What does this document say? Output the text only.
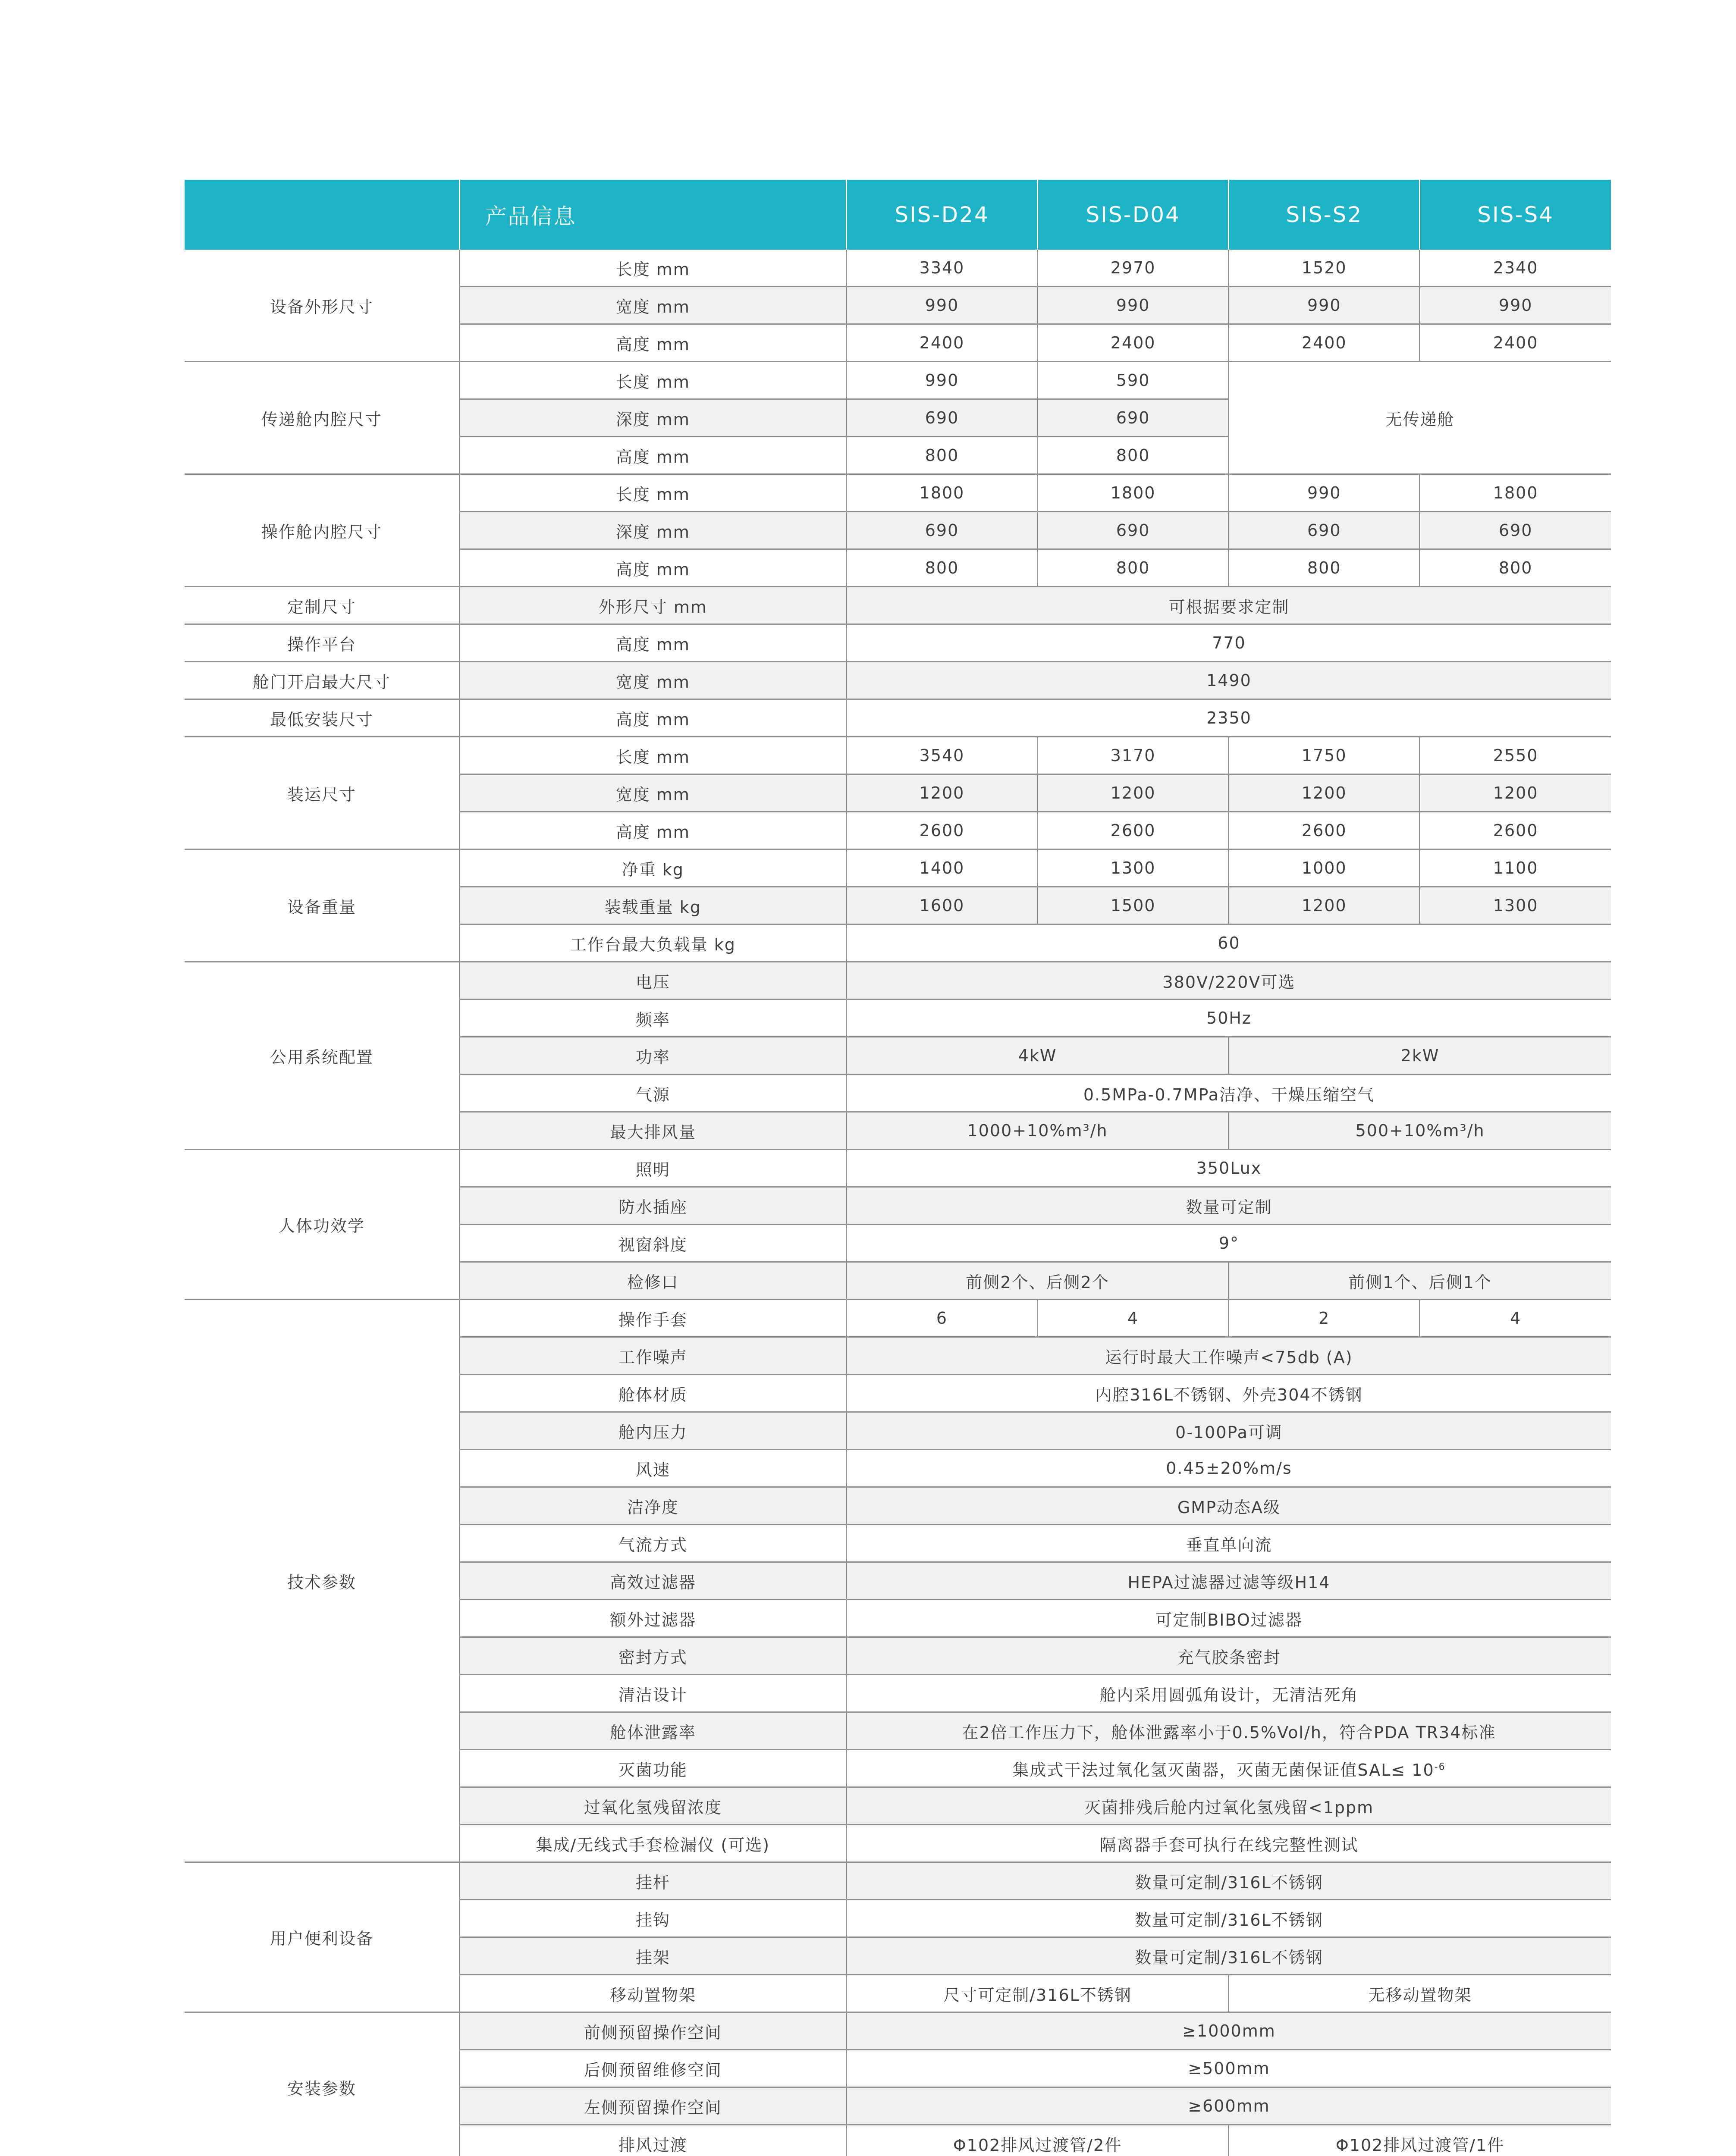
	产品信息	SIS-D24	SIS-D04	SIS-S2	SIS-S4
设备外形尺寸	长度 mm	3340	2970	1520	2340
	宽度 mm	990	990	990	990
	高度 mm	2400	2400	2400	2400
传递舱内腔尺寸	长度 mm	990	590	无传递舱	
	深度 mm	690	690		
	高度 mm	800	800		
操作舱内腔尺寸	长度 mm	1800	1800	990	1800
	深度 mm	690	690	690	690
	高度 mm	800	800	800	800
定制尺寸	外形尺寸 mm	可根据要求定制			
操作平台	高度 mm	770			
舱门开启最大尺寸	宽度 mm	1490			
最低安装尺寸	高度 mm	2350			
装运尺寸	长度 mm	3540	3170	1750	2550
	宽度 mm	1200	1200	1200	1200
	高度 mm	2600	2600	2600	2600
设备重量	净重 kg	1400	1300	1000	1100
	装载重量 kg	1600	1500	1200	1300
	工作台最大负载量 kg	60			
公用系统配置	电压	380V/220V可选			
	频率	50Hz			
	功率	4kW		2kW	
	气源	0.5MPa-0.7MPa洁净、干燥压缩空气			
	最大排风量	1000+10%m³/h		500+10%m³/h	
人体功效学	照明	350Lux			
	防水插座	数量可定制			
	视窗斜度	9°			
	检修口	前侧2个、后侧2个		前侧1个、后侧1个	
技术参数	操作手套	6	4	2	4
	工作噪声	运行时最大工作噪声<75db (A)			
	舱体材质	内腔316L不锈钢、外壳304不锈钢			
	舱内压力	0-100Pa可调			
	风速	0.45±20%m/s			
	洁净度	GMP动态A级			
	气流方式	垂直单向流			
	高效过滤器	HEPA过滤器过滤等级H14			
	额外过滤器	可定制BIBO过滤器			
	密封方式	充气胶条密封			
	清洁设计	舱内采用圆弧角设计，无清洁死角			
	舱体泄露率	在2倍工作压力下，舱体泄露率小于0.5%Vol/h，符合PDA TR34标准			
	灭菌功能	集成式干法过氧化氢灭菌器，灭菌无菌保证值$SAL\le 10^{-6}$
	过氧化氢残留浓度	灭菌排残后舱内过氧化氢残留<1ppm			
	集成/无线式手套检漏仪 (可选)	隔离器手套可执行在线完整性测试			
用户便利设备	挂杆	数量可定制/316L不锈钢			
	挂钩	数量可定制/316L不锈钢			
	挂架	数量可定制/316L不锈钢			
	移动置物架	尺寸可定制/316L不锈钢		无移动置物架	
安装参数	前侧预留操作空间	≥1000mm			
	后侧预留维修空间	≥500mm			
	左侧预留操作空间	≥600mm			
	排风过渡	Φ102排风过渡管/2件		Φ102排风过渡管/1件	
